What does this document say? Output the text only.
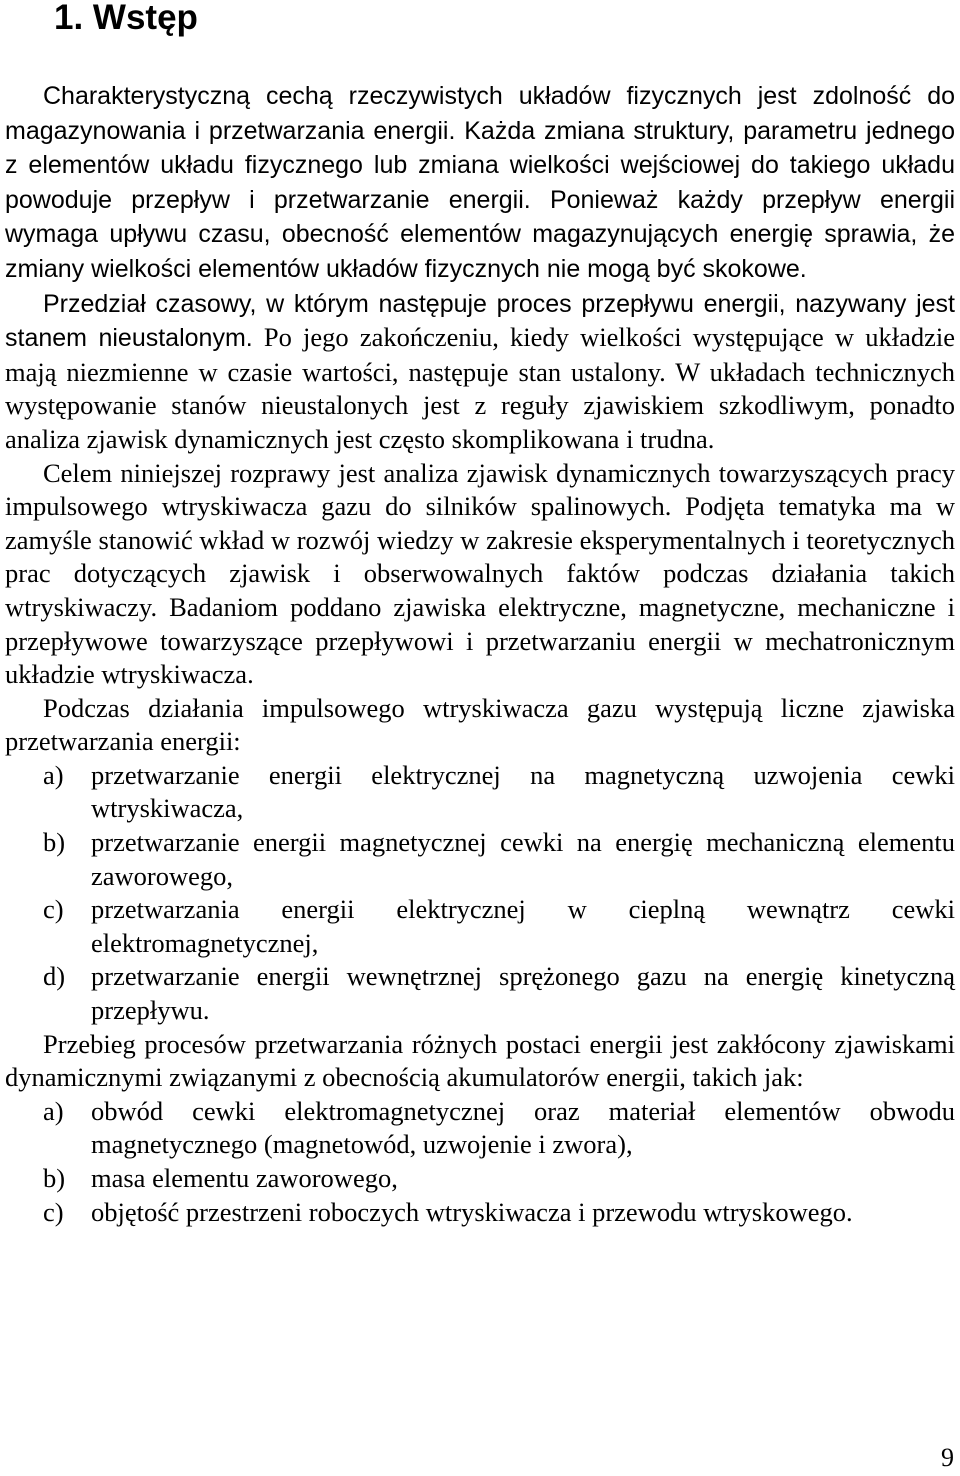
1. Wstęp

Charakterystyczną cechą rzeczywistych układów fizycznych jest zdolność do magazynowania i przetwarzania energii. Każda zmiana struktury, parametru jednego z elementów układu fizycznego lub zmiana wielkości wejściowej do takiego układu powoduje przepływ i przetwarzanie energii. Ponieważ każdy przepływ energii wymaga upływu czasu, obecność elementów magazynujących energię sprawia, że zmiany wielkości elementów układów fizycznych nie mogą być skokowe.

Przedział czasowy, w którym następuje proces przepływu energii, nazywany jest stanem nieustalonym. Po jego zakończeniu, kiedy wielkości występujące w układzie mają niezmienne w czasie wartości, następuje stan ustalony. W układach technicznych występowanie stanów nieustalonych jest z reguły zjawiskiem szkodliwym, ponadto analiza zjawisk dynamicznych jest często skomplikowana i trudna.

Celem niniejszej rozprawy jest analiza zjawisk dynamicznych towarzyszących pracy impulsowego wtryskiwacza gazu do silników spalinowych. Podjęta tematyka ma w zamyśle stanowić wkład w rozwój wiedzy w zakresie eksperymentalnych i teoretycznych prac dotyczących zjawisk i obserwowalnych faktów podczas działania takich wtryskiwaczy. Badaniom poddano zjawiska elektryczne, magnetyczne, mechaniczne i przepływowe towarzyszące przepływowi i przetwarzaniu energii w mechatronicznym układzie wtryskiwacza.

Podczas działania impulsowego wtryskiwacza gazu występują liczne zjawiska przetwarzania energii:

a) przetwarzanie energii elektrycznej na magnetyczną uzwojenia cewki wtryskiwacza,
b) przetwarzanie energii magnetycznej cewki na energię mechaniczną elementu zaworowego,
c) przetwarzania energii elektrycznej w cieplną wewnątrz cewki elektromagnetycznej,
d) przetwarzanie energii wewnętrznej sprężonego gazu na energię kinetyczną przepływu.

Przebieg procesów przetwarzania różnych postaci energii jest zakłócony zjawiskami dynamicznymi związanymi z obecnością akumulatorów energii, takich jak:

a) obwód cewki elektromagnetycznej oraz materiał elementów obwodu magnetycznego (magnetowód, uzwojenie i zwora),
b) masa elementu zaworowego,
c) objętość przestrzeni roboczych wtryskiwacza i przewodu wtryskowego.
9
